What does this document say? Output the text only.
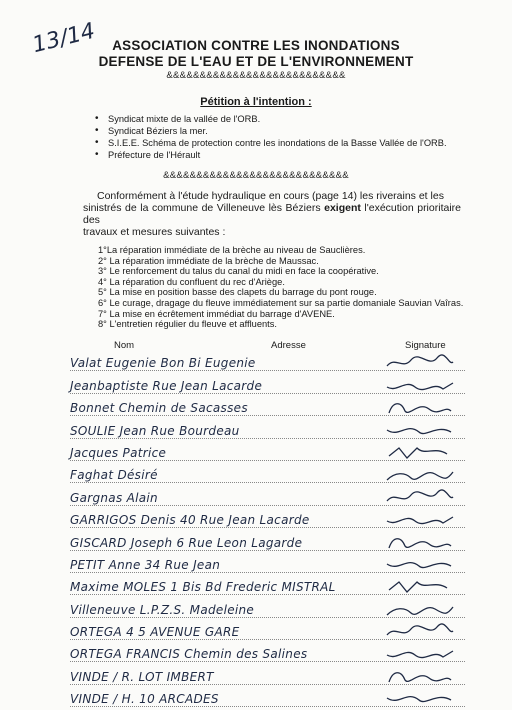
13/14	ASSOCIATION CONTRE LES INONDATIONS
DEFENSE DE L'EAU ET DE L'ENVIRONNEMENT
&&&&&&&&&&&&&&&&&&&&&&&&&&&
Pétition à l'intention :
• Syndicat mixte de la vallée de l'ORB.
• Syndicat Béziers la mer.
• S.I.E.E. Schéma de protection contre les inondations de la Basse Vallée de l'ORB.
• Préfecture de l'Hérault
&&&&&&&&&&&&&&&&&&&&&&&&&&&&
Conformément à l'étude hydraulique en cours (page 14) les riverains et les
sinistrés de la commune de Villeneuve lès Béziers exigent l'exécution prioritaire des
travaux et mesures suivantes :
1°La réparation immédiate de la brèche au niveau de Sauclières.
2° La réparation immédiate de la brèche de Maussac.
3° Le renforcement du talus du canal du midi en face la coopérative.
4° La réparation du confluent du rec d'Ariège.
5° La mise en position basse des clapets du barrage du pont rouge.
6° Le curage, dragage du fleuve immédiatement sur sa partie domaniale Sauvian Vaîras.
7° La mise en écrêtement immédiat du barrage d'AVENE.
8° L'entretien régulier du fleuve et affluents.
Nom	Adresse	Signature
Valat Eugenie Bon Bi Eugenie
Jeanbaptiste Rue Jean Lacarde
Bonnet Chemin de Sacasses
SOULIE Jean Rue Bourdeau
Jacques Patrice
Faghat Désiré
Gargnas Alain
GARRIGOS Denis 40 Rue Jean Lacarde
GISCARD Joseph 6 Rue Leon Lagarde
PETIT Anne 34 Rue Jean
Maxime MOLES 1 Bis Bd Frederic MISTRAL
Villeneuve L.P.Z.S. Madeleine
ORTEGA 4 5 AVENUE GARE
ORTEGA FRANCIS Chemin des Salines
VINDE / R. LOT IMBERT
VINDE / H. 10 ARCADES
